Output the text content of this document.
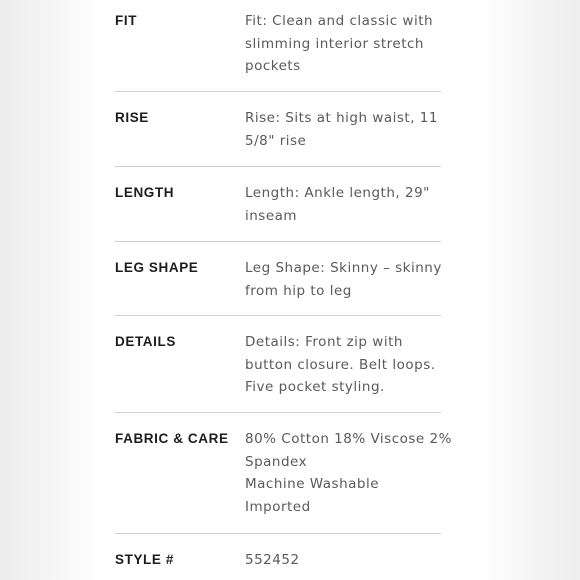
FIT	Fit: Clean and classic with
slimming interior stretch
pockets
RISE	Rise: Sits at high waist, 11
5/8" rise
LENGTH	Length: Ankle length, 29"
inseam
LEG SHAPE	Leg Shape: Skinny – skinny
from hip to leg
DETAILS	Details: Front zip with
button closure. Belt loops.
Five pocket styling.
FABRIC & CARE 80% Cotton 18% Viscose 2%
Spandex
Machine Washable
Imported
STYLE #	552452
